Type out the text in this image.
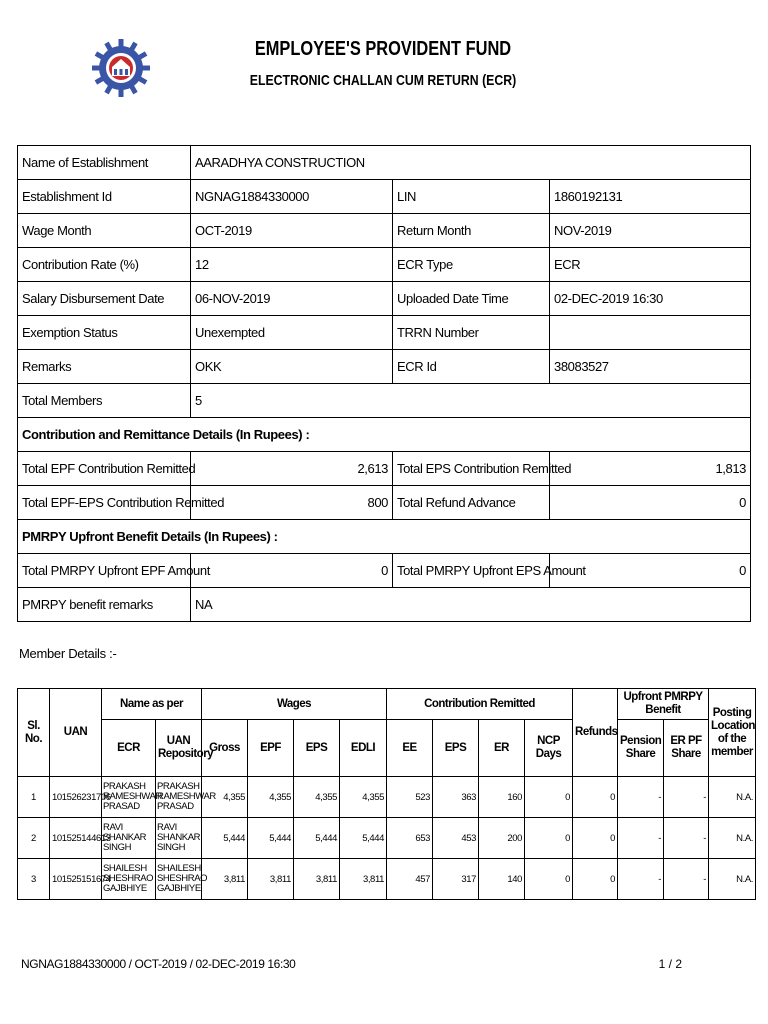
EMPLOYEE'S PROVIDENT FUND
ELECTRONIC CHALLAN CUM RETURN (ECR)
Name of Establishment	AARADHYA CONSTRUCTION		
Establishment Id	NGNAG1884330000	LIN	1860192131
Wage Month	OCT-2019	Return Month	NOV-2019
Contribution Rate (%)	12	ECR Type	ECR
Salary Disbursement Date	06-NOV-2019	Uploaded Date Time	02-DEC-2019 16:30
Exemption Status	Unexempted	TRRN Number	
Remarks	OKK	ECR Id	38083527
Total Members	5		
Contribution and Remittance Details (In Rupees) :			
Total EPF Contribution Remitted	2,613	Total EPS Contribution Remitted	1,813
Total EPF-EPS Contribution Remitted	800	Total Refund Advance	0
PMRPY Upfront Benefit Details (In Rupees) :			
Total PMRPY Upfront EPF Amount	0	Total PMRPY Upfront EPS Amount	0
PMRPY benefit remarks	NA		
Member Details :-
Sl. No.	UAN	Name as per		Wages				Contribution Remitted				Refunds	Upfront PMRPY Benefit		Posting Location of the member
		ECR	UAN Repository	Gross	EPF	EPS	EDLI	EE	EPS	ER	NCP Days		Pension Share	ER PF Share	
1	101526231706	PRAKASH RAMESHWAR PRASAD	PRAKASH RAMESHWAR PRASAD	4,355	4,355	4,355	4,355	523	363	160	0	0	-	-	N.A.
2	101525144613	RAVI SHANKAR SINGH	RAVI SHANKAR SINGH	5,444	5,444	5,444	5,444	653	453	200	0	0	-	-	N.A.
3	101525151674	SHAILESH SHESHRAO GAJBHIYE	SHAILESH SHESHRAO GAJBHIYE	3,811	3,811	3,811	3,811	457	317	140	0	0	-	-	N.A.
NGNAG1884330000 / OCT-2019 / 02-DEC-2019 16:30	1 / 2
